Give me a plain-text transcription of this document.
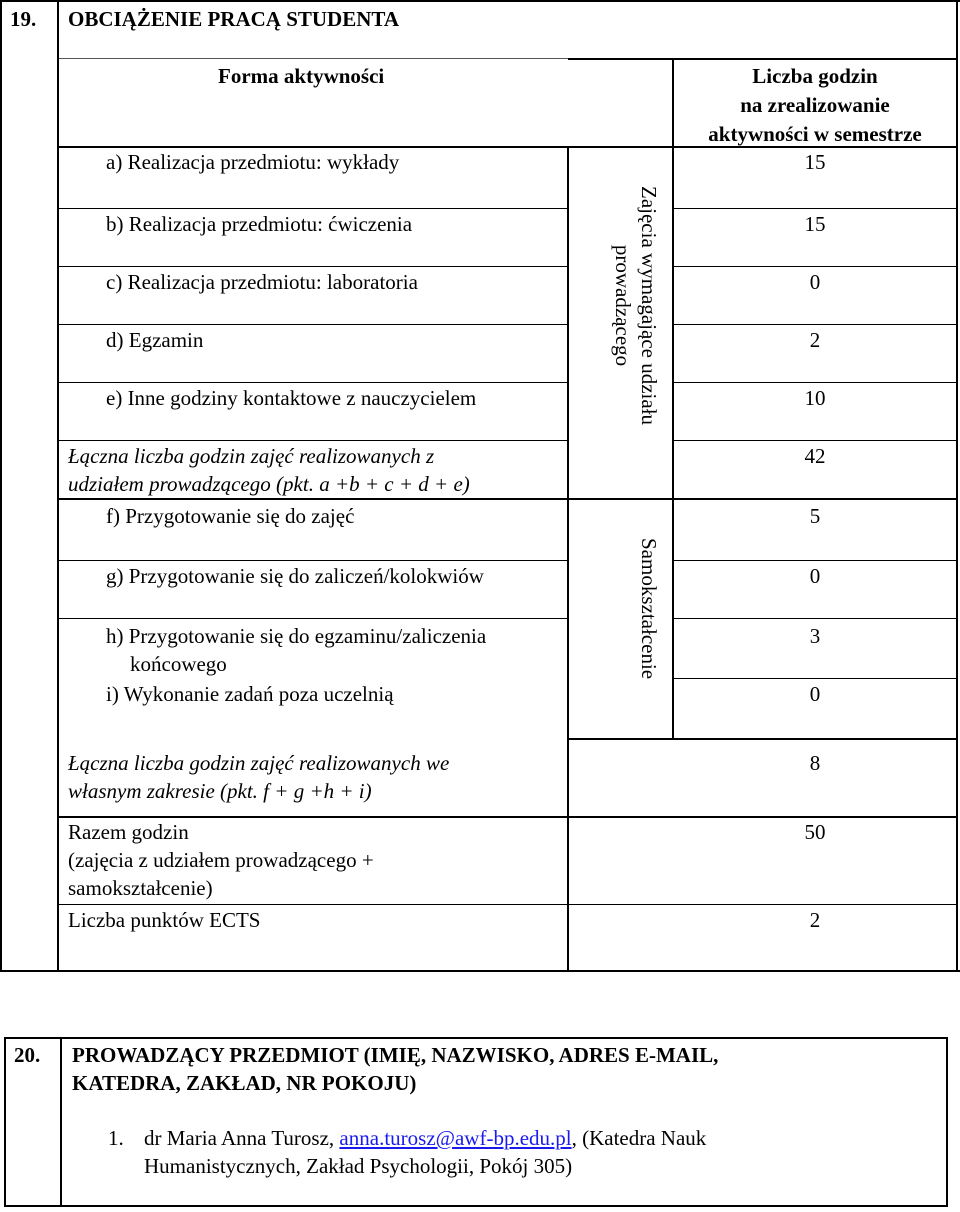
19. OBCIĄŻENIE PRACĄ STUDENTA
Forma aktywności	Liczba godzin
na zrealizowanie
aktywności w semestrze
Zajęcia wymagające udziału
prowadzącego
Samokształcenie
a) Realizacja przedmiotu: wykłady
b) Realizacja przedmiotu: ćwiczenia
c) Realizacja przedmiotu: laboratoria
d) Egzamin
e) Inne godziny kontaktowe z nauczycielem
Łączna liczba godzin zajęć realizowanych z
udziałem prowadzącego (pkt. a +b + c + d + e)
f) Przygotowanie się do zajęć
g) Przygotowanie się do zaliczeń/kolokwiów
h) Przygotowanie się do egzaminu/zaliczenia
końcowego
i) Wykonanie zadań poza uczelnią
Łączna liczba godzin zajęć realizowanych we
własnym zakresie (pkt. f + g +h + i)
Razem godzin
(zajęcia z udziałem prowadzącego +
samokształcenie)
Liczba punktów ECTS
15
15
0
2
10
42
5
0
3
0
8
50
2
20. PROWADZĄCY PRZEDMIOT (IMIĘ, NAZWISKO, ADRES E-MAIL,
KATEDRA, ZAKŁAD, NR POKOJU)
1. dr Maria Anna Turosz, anna.turosz@awf-bp.edu.pl, (Katedra Nauk
Humanistycznych, Zakład Psychologii, Pokój 305)
